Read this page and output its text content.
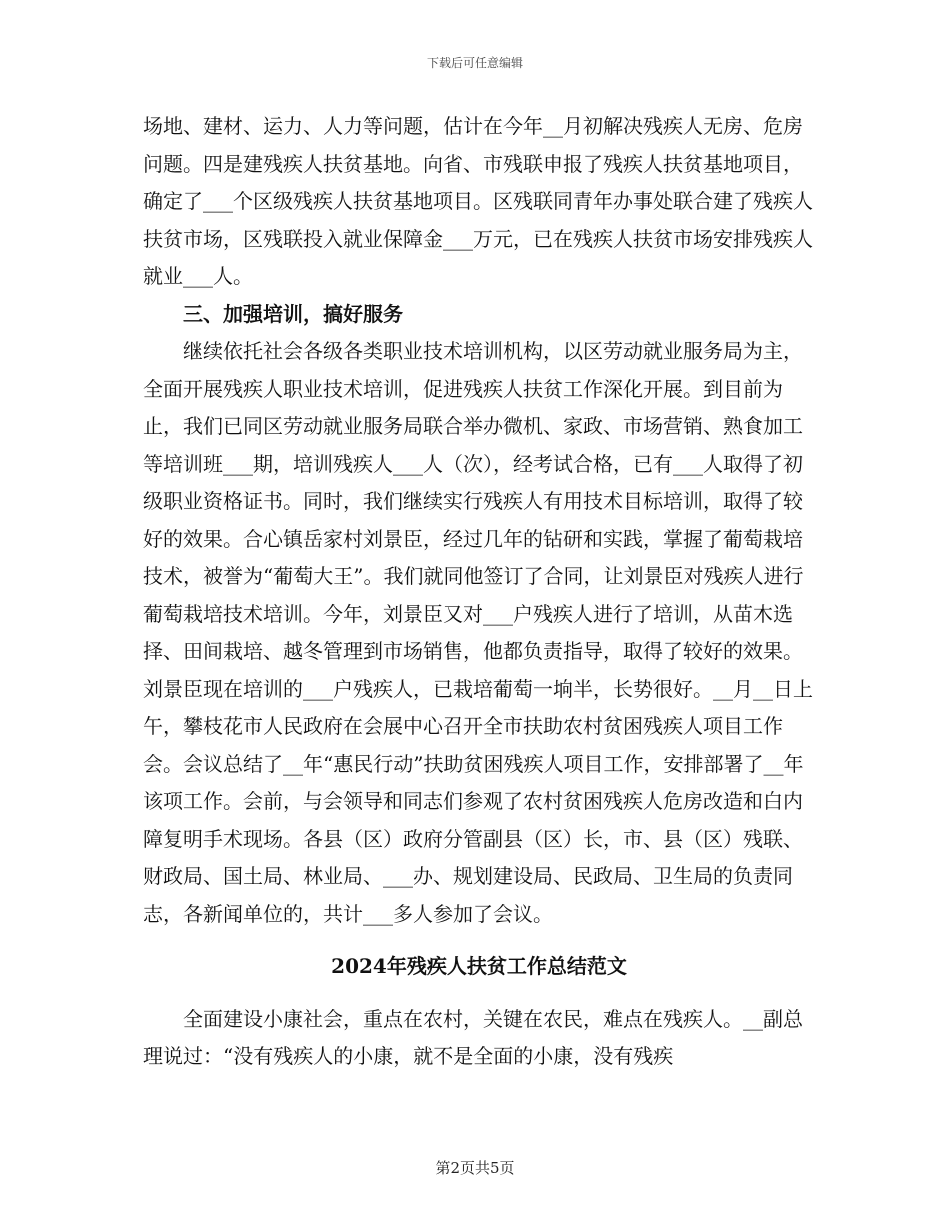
下载后可任意编辑

场地、建材、运力、人力等问题，估计在今年__月初解决残疾人无房、危房问题。四是建残疾人扶贫基地。向省、市残联申报了残疾人扶贫基地项目，确定了___个区级残疾人扶贫基地项目。区残联同青年办事处联合建了残疾人扶贫市场，区残联投入就业保障金___万元，已在残疾人扶贫市场安排残疾人就业___人。

三、加强培训，搞好服务

继续依托社会各级各类职业技术培训机构，以区劳动就业服务局为主，全面开展残疾人职业技术培训，促进残疾人扶贫工作深化开展。到目前为止，我们已同区劳动就业服务局联合举办微机、家政、市场营销、熟食加工等培训班___期，培训残疾人___人（次），经考试合格，已有___人取得了初级职业资格证书。同时，我们继续实行残疾人有用技术目标培训，取得了较好的效果。合心镇岳家村刘景臣，经过几年的钻研和实践，掌握了葡萄栽培技术，被誉为“葡萄大王”。我们就同他签订了合同，让刘景臣对残疾人进行葡萄栽培技术培训。今年，刘景臣又对___户残疾人进行了培训，从苗木选择、田间栽培、越冬管理到市场销售，他都负责指导，取得了较好的效果。刘景臣现在培训的___户残疾人，已栽培葡萄一垧半，长势很好。__月__日上午，攀枝花市人民政府在会展中心召开全市扶助农村贫困残疾人项目工作会。会议总结了__年“惠民行动”扶助贫困残疾人项目工作，安排部署了__年该项工作。会前，与会领导和同志们参观了农村贫困残疾人危房改造和白内障复明手术现场。各县（区）政府分管副县（区）长，市、县（区）残联、财政局、国土局、林业局、___办、规划建设局、民政局、卫生局的负责同志，各新闻单位的，共计___多人参加了会议。

2024年残疾人扶贫工作总结范文

全面建设小康社会，重点在农村，关键在农民，难点在残疾人。__副总理说过：“没有残疾人的小康，就不是全面的小康，没有残疾

第2页共5页
